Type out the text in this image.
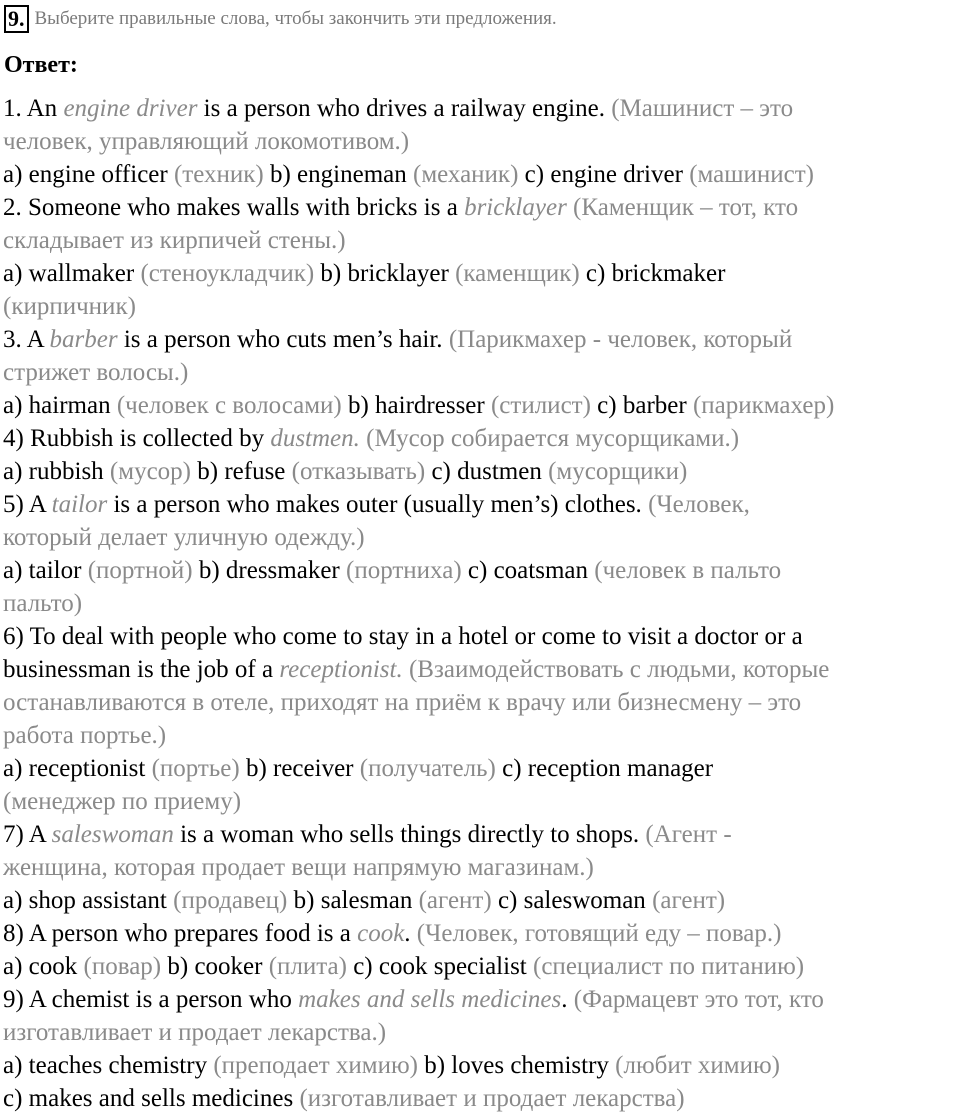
9. Выберите правильные слова, чтобы закончить эти предложения.
Ответ:
1. An engine driver is a person who drives a railway engine. (Машинист – это
человек, управляющий локомотивом.)
a) engine officer (техник) b) engineman (механик) c) engine driver (машинист)
2. Someone who makes walls with bricks is a bricklayer (Каменщик – тот, кто
складывает из кирпичей стены.)
a) wallmaker (стеноукладчик) b) bricklayer (каменщик) c) brickmaker
(кирпичник)
3. A barber is a person who cuts men’s hair. (Парикмахер - человек, который
стрижет волосы.)
a) hairman (человек с волосами) b) hairdresser (стилист) c) barber (парикмахер)
4) Rubbish is collected by dustmen. (Мусор собирается мусорщиками.)
a) rubbish (мусор) b) refuse (отказывать) c) dustmen (мусорщики)
5) A tailor is a person who makes outer (usually men’s) clothes. (Человек,
который делает уличную одежду.)
a) tailor (портной) b) dressmaker (портниха) c) coatsman (человек в пальто
пальто)
6) To deal with people who come to stay in a hotel or come to visit a doctor or a
businessman is the job of a receptionist. (Взаимодействовать с людьми, которые
останавливаются в отеле, приходят на приём к врачу или бизнесмену – это
работа портье.)
a) receptionist (портье) b) receiver (получатель) c) reception manager
(менеджер по приему)
7) A saleswoman is a woman who sells things directly to shops. (Агент -
женщина, которая продает вещи напрямую магазинам.)
a) shop assistant (продавец) b) salesman (агент) c) saleswoman (агент)
8) A person who prepares food is a cook. (Человек, готовящий еду – повар.)
a) cook (повар) b) cooker (плита) c) cook specialist (специалист по питанию)
9) A chemist is a person who makes and sells medicines. (Фармацевт это тот, кто
изготавливает и продает лекарства.)
a) teaches chemistry (преподает химию) b) loves chemistry (любит химию)
c) makes and sells medicines (изготавливает и продает лекарства)
